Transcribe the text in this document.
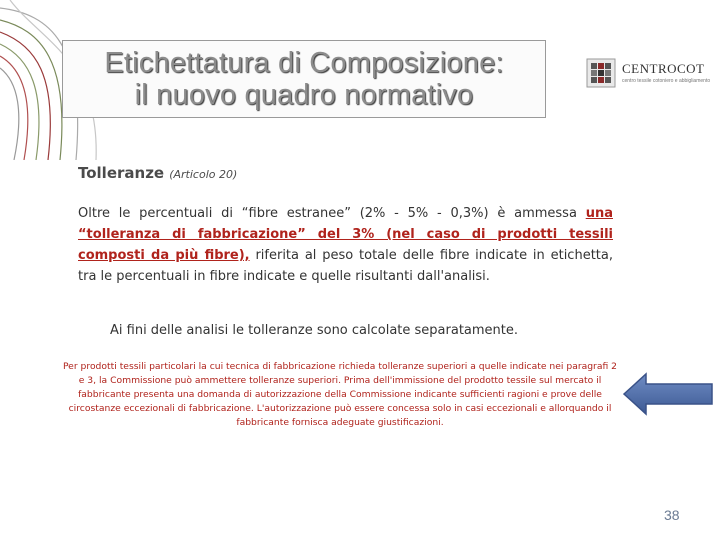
Etichettatura di Composizione:
il nuovo quadro normativo
CENTROCOT
centro tessile cotoniero e abbigliamento
Tolleranze (Articolo 20)
Oltre le percentuali di “fibre estranee” (2% - 5% - 0,3%) è ammessa una “tolleranza di fabbricazione” del 3% (nel caso di prodotti tessili composti da più fibre), riferita al peso totale delle fibre indicate in etichetta, tra le percentuali in fibre indicate e quelle risultanti dall'analisi.
Ai fini delle analisi le tolleranze sono calcolate separatamente.
Per prodotti tessili particolari la cui tecnica di fabbricazione richieda tolleranze superiori a quelle indicate nei paragrafi 2 e 3, la Commissione può ammettere tolleranze superiori. Prima dell'immissione del prodotto tessile sul mercato il fabbricante presenta una domanda di autorizzazione della Commissione indicante sufficienti ragioni e prove delle circostanze eccezionali di fabbricazione. L'autorizzazione può essere concessa solo in casi eccezionali e allorquando il fabbricante fornisca adeguate giustificazioni.
38
